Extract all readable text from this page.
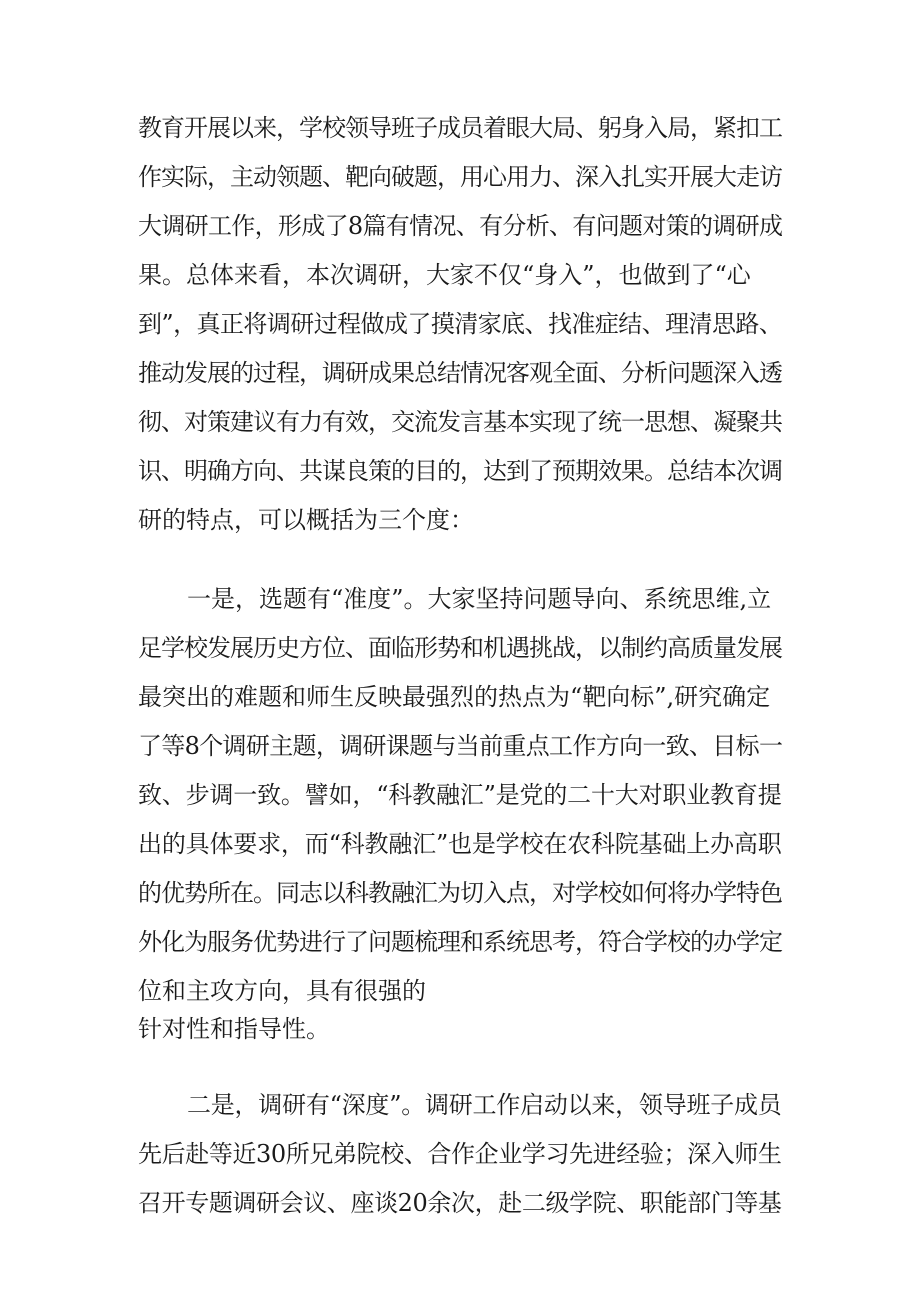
教育开展以来，学校领导班子成员着眼大局、躬身入局，紧扣工
作实际，主动领题、靶向破题，用心用力、深入扎实开展大走访
大调研工作，形成了8篇有情况、有分析、有问题对策的调研成
果。总体来看，本次调研，大家不仅“身入”，也做到了“心
到”，真正将调研过程做成了摸清家底、找准症结、理清思路、
推动发展的过程，调研成果总结情况客观全面、分析问题深入透
彻、对策建议有力有效，交流发言基本实现了统一思想、凝聚共
识、明确方向、共谋良策的目的，达到了预期效果。总结本次调
研的特点，可以概括为三个度：
一是，选题有“准度”。大家坚持问题导向、系统思维,立
足学校发展历史方位、面临形势和机遇挑战，以制约高质量发展
最突出的难题和师生反映最强烈的热点为“靶向标”,研究确定
了等8个调研主题，调研课题与当前重点工作方向一致、目标一
致、步调一致。譬如，“科教融汇”是党的二十大对职业教育提
出的具体要求，而“科教融汇”也是学校在农科院基础上办高职
的优势所在。同志以科教融汇为切入点，对学校如何将办学特色
外化为服务优势进行了问题梳理和系统思考，符合学校的办学定
位和主攻方向，具有很强的
针对性和指导性。
二是，调研有“深度”。调研工作启动以来，领导班子成员
先后赴等近30所兄弟院校、合作企业学习先进经验；深入师生
召开专题调研会议、座谈20余次，赴二级学院、职能部门等基
